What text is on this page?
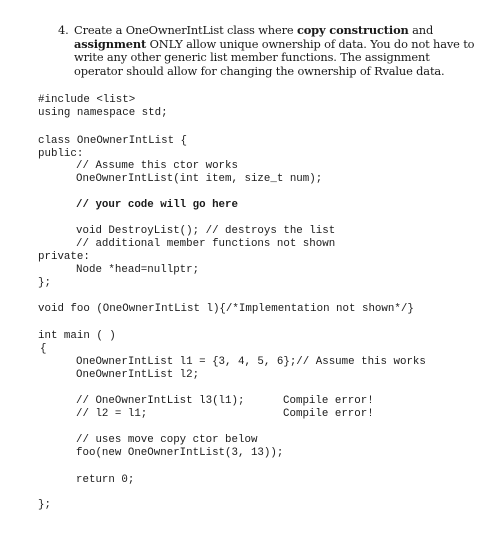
4. Create a OneOwnerIntList class where copy construction and assignment ONLY allow unique ownership of data. You do not have to write any other generic list member functions. The assignment operator should allow for changing the ownership of Rvalue data.
#include <list>
using namespace std;
class OneOwnerIntList {
public:
// Assume this ctor works
OneOwnerIntList(int item, size_t num);
// your code will go here
void DestroyList(); // destroys the list
// additional member functions not shown
private:
Node *head=nullptr;
};
void foo (OneOwnerIntList l){/*Implementation not shown*/}
int main ( )
{
OneOwnerIntList l1 = {3, 4, 5, 6};// Assume this works
OneOwnerIntList l2;
// OneOwnerIntList l3(l1);	Compile error!
// l2 = l1;	Compile error!
// uses move copy ctor below
foo(new OneOwnerIntList(3, 13));
return 0;
};
